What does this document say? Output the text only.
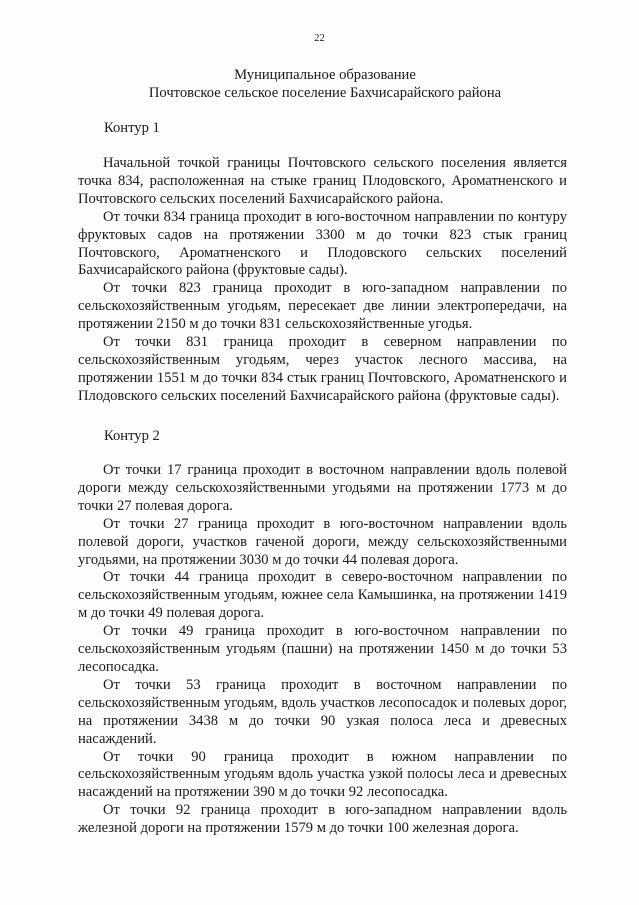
22
Муниципальное образование
Почтовское сельское поселение Бахчисарайского района
Контур 1

Начальной точкой границы Почтовского сельского поселения является точка 834, расположенная на стыке границ Плодовского, Ароматненского и Почтовского сельских поселений Бахчисарайского района.

От точки 834 граница проходит в юго-восточном направлении по контуру фруктовых садов на протяжении 3300 м до точки 823 стык границ Почтовского, Ароматненского и Плодовского сельских поселений Бахчисарайского района (фруктовые сады).

От точки 823 граница проходит в юго-западном направлении по сельскохозяйственным угодьям, пересекает две линии электропередачи, на протяжении 2150 м до точки 831 сельскохозяйственные угодья.

От точки 831 граница проходит в северном направлении по сельскохозяйственным угодьям, через участок лесного массива, на протяжении 1551 м до точки 834 стык границ Почтовского, Ароматненского и Плодовского сельских поселений Бахчисарайского района (фруктовые сады).

Контур 2

От точки 17 граница проходит в восточном направлении вдоль полевой дороги между сельскохозяйственными угодьями на протяжении 1773 м до точки 27 полевая дорога.

От точки 27 граница проходит в юго-восточном направлении вдоль полевой дороги, участков гаченой дороги, между сельскохозяйственными угодьями, на протяжении 3030 м до точки 44 полевая дорога.

От точки 44 граница проходит в северо-восточном направлении по сельскохозяйственным угодьям, южнее села Камышинка, на протяжении 1419 м до точки 49 полевая дорога.

От точки 49 граница проходит в юго-восточном направлении по сельскохозяйственным угодьям (пашни) на протяжении 1450 м до точки 53 лесопосадка.

От точки 53 граница проходит в восточном направлении по сельскохозяйственным угодьям, вдоль участков лесопосадок и полевых дорог, на протяжении 3438 м до точки 90 узкая полоса леса и древесных насаждений.

От точки 90 граница проходит в южном направлении по сельскохозяйственным угодьям вдоль участка узкой полосы леса и древесных насаждений на протяжении 390 м до точки 92 лесопосадка.

От точки 92 граница проходит в юго-западном направлении вдоль железной дороги на протяжении 1579 м до точки 100 железная дорога.
